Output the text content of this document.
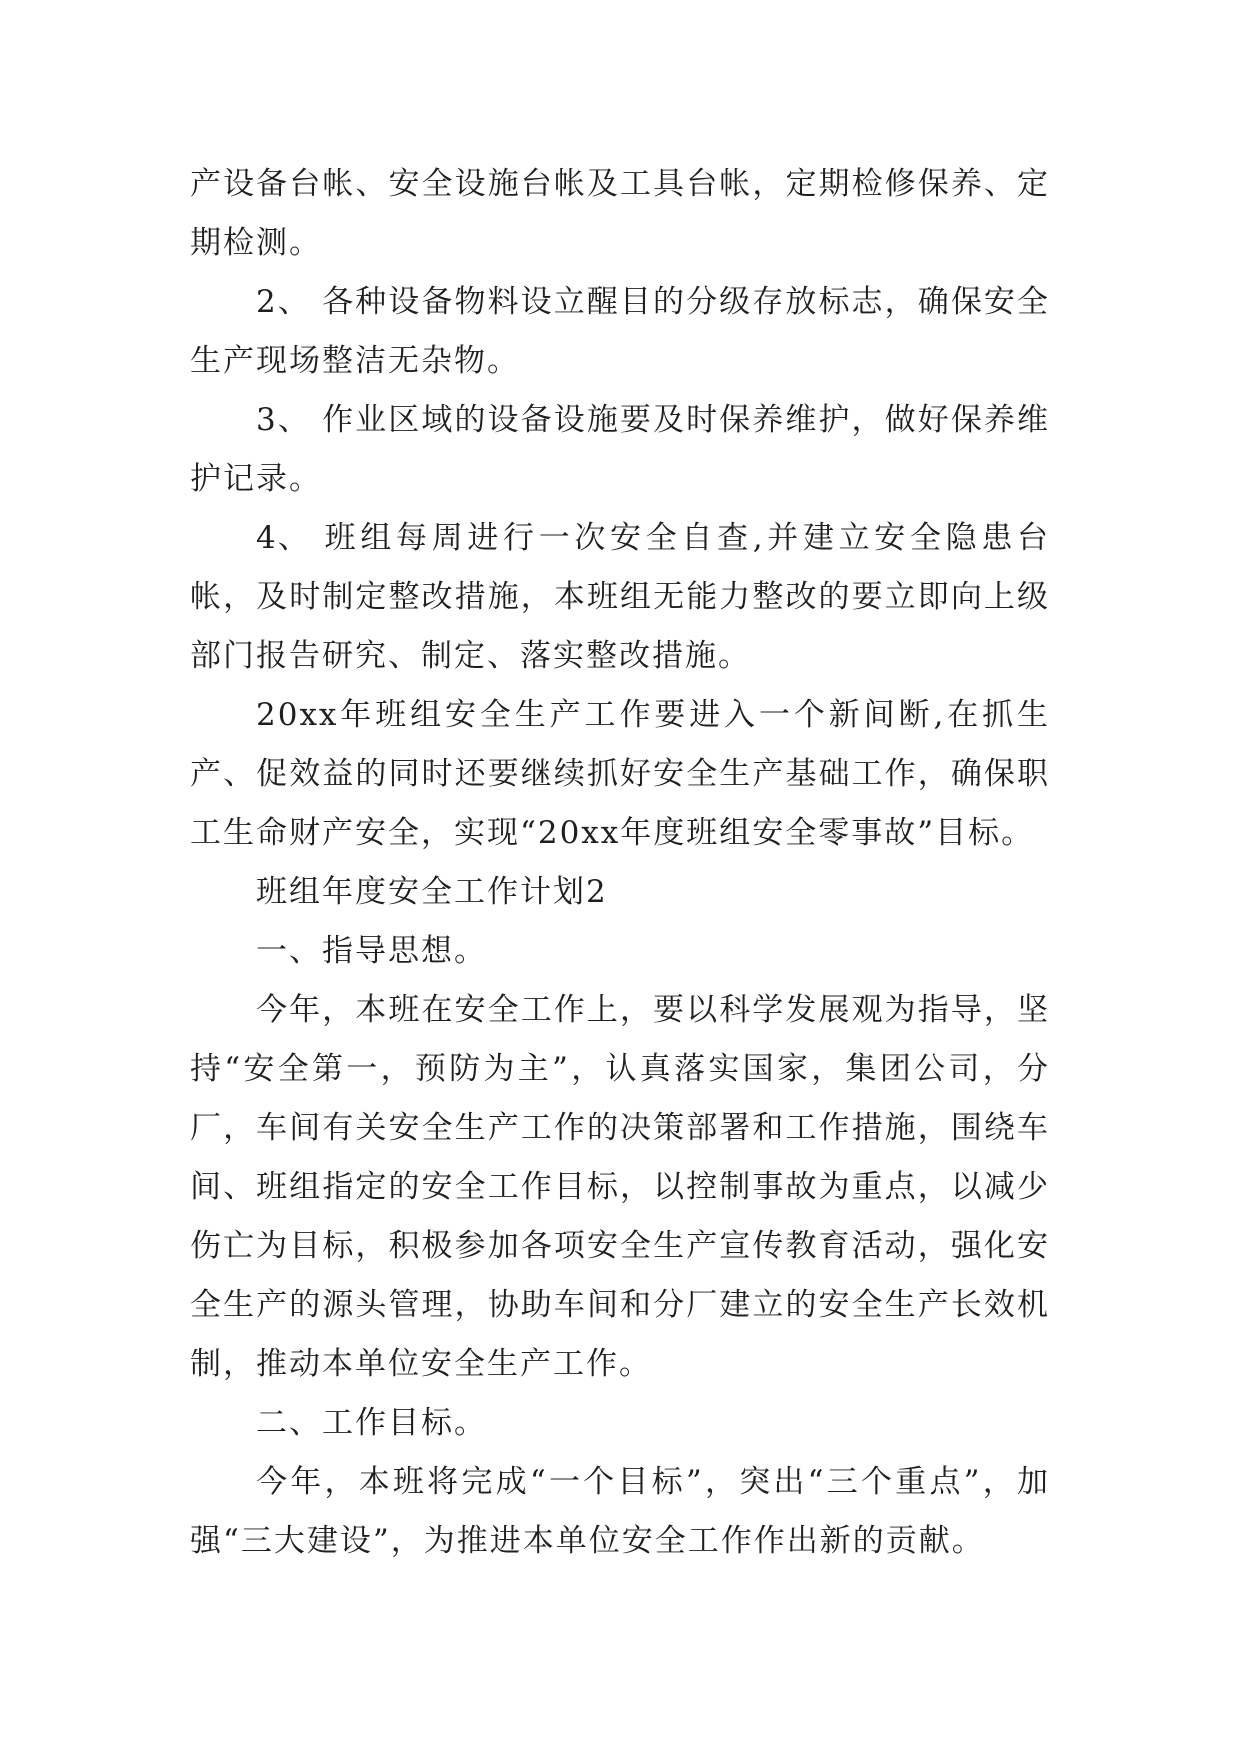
产设备台帐、安全设施台帐及工具台帐，定期检修保养、定期检测。

2、 各种设备物料设立醒目的分级存放标志，确保安全生产现场整洁无杂物。

3、 作业区域的设备设施要及时保养维护，做好保养维护记录。

4、 班组每周进行一次安全自查,并建立安全隐患台帐，及时制定整改措施，本班组无能力整改的要立即向上级部门报告研究、制定、落实整改措施。

20xx年班组安全生产工作要进入一个新间断,在抓生产、促效益的同时还要继续抓好安全生产基础工作，确保职工生命财产安全，实现“20xx年度班组安全零事故”目标。

班组年度安全工作计划2

一、指导思想。

今年，本班在安全工作上，要以科学发展观为指导，坚持“安全第一，预防为主”，认真落实国家，集团公司，分厂，车间有关安全生产工作的决策部署和工作措施，围绕车间、班组指定的安全工作目标，以控制事故为重点，以减少伤亡为目标，积极参加各项安全生产宣传教育活动，强化安全生产的源头管理，协助车间和分厂建立的安全生产长效机制，推动本单位安全生产工作。

二、工作目标。

今年，本班将完成“一个目标”，突出“三个重点”，加强“三大建设”，为推进本单位安全工作作出新的贡献。
